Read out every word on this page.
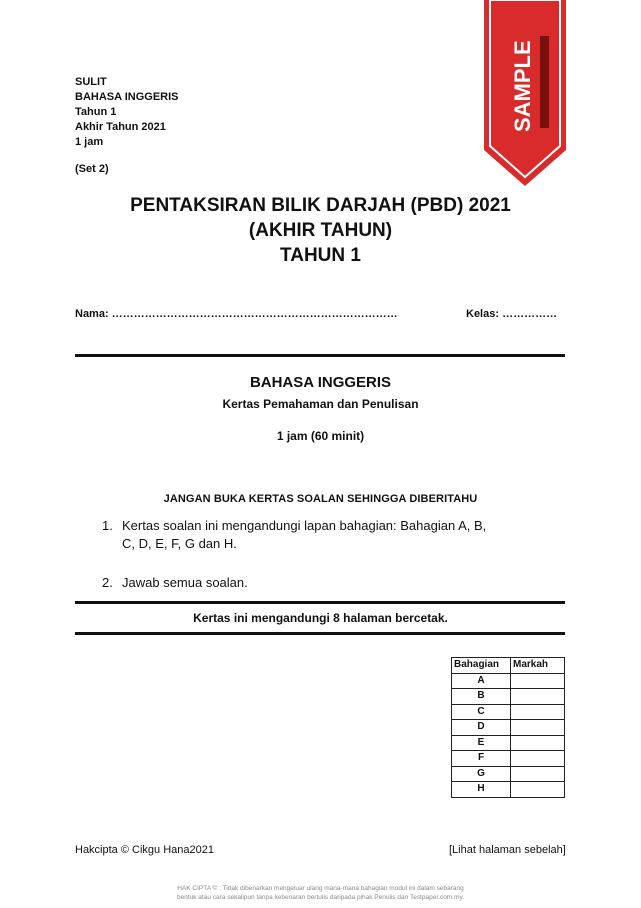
SAMPLE
SULIT
BAHASA INGGERIS
Tahun 1
Akhir Tahun 2021
1 jam
(Set 2)
PENTAKSIRAN BILIK DARJAH (PBD) 2021
(AKHIR TAHUN)
TAHUN 1
Nama: ……………………………………………………………………	Kelas: ……………
BAHASA INGGERIS
Kertas Pemahaman dan Penulisan
1 jam (60 minit)
JANGAN BUKA KERTAS SOALAN SEHINGGA DIBERITAHU
1. Kertas soalan ini mengandungi lapan bahagian: Bahagian A, B, C, D, E, F, G dan H.
2. Jawab semua soalan.
Kertas ini mengandungi 8 halaman bercetak.
Bahagian	Markah
A	
B	
C	
D	
E	
F	
G	
H	
Hakcipta © Cikgu Hana2021	[Lihat halaman sebelah]
HAK CIPTA © : Tidak dibenarkan mengeluar ulang mana-mana bahagian modul ini dalam sebarang
bentuk atau cara sekalipun tanpa kebenaran bertulis daripada pihak Penulis dan Testpaper.com.my.
